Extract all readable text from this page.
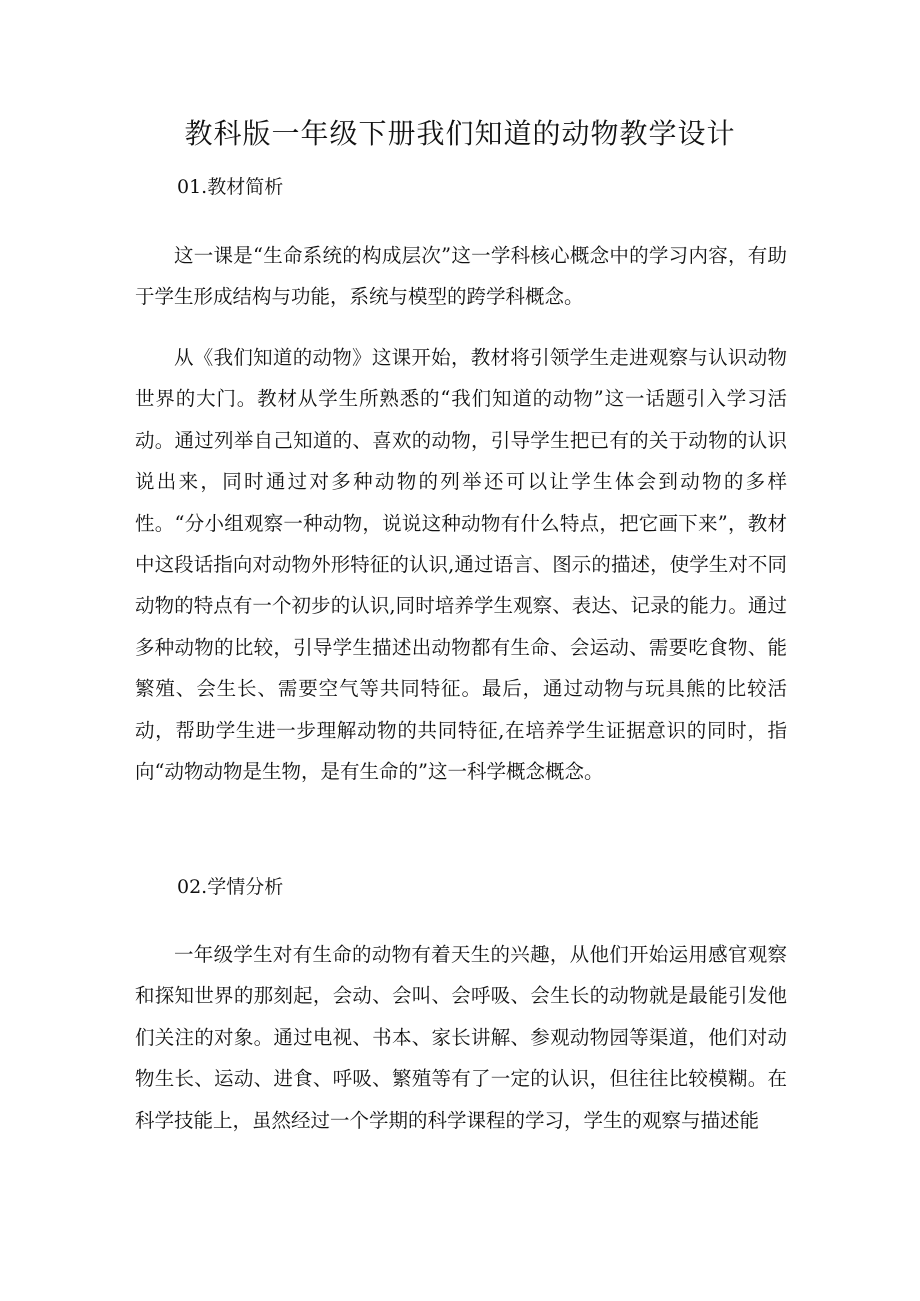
教科版一年级下册我们知道的动物教学设计
01.教材简析

这一课是“生命系统的构成层次”这一学科核心概念中的学习内容，有助于学生形成结构与功能，系统与模型的跨学科概念。

从《我们知道的动物》这课开始，教材将引领学生走进观察与认识动物世界的大门。教材从学生所熟悉的“我们知道的动物”这一话题引入学习活动。通过列举自己知道的、喜欢的动物，引导学生把已有的关于动物的认识说出来，同时通过对多种动物的列举还可以让学生体会到动物的多样性。“分小组观察一种动物，说说这种动物有什么特点，把它画下来”，教材中这段话指向对动物外形特征的认识,通过语言、图示的描述，使学生对不同动物的特点有一个初步的认识,同时培养学生观察、表达、记录的能力。通过多种动物的比较，引导学生描述出动物都有生命、会运动、需要吃食物、能繁殖、会生长、需要空气等共同特征。最后，通过动物与玩具熊的比较活动，帮助学生进一步理解动物的共同特征,在培养学生证据意识的同时，指向“动物动物是生物，是有生命的”这一科学概念概念。

02.学情分析

一年级学生对有生命的动物有着天生的兴趣，从他们开始运用感官观察和探知世界的那刻起，会动、会叫、会呼吸、会生长的动物就是最能引发他们关注的对象。通过电视、书本、家长讲解、参观动物园等渠道，他们对动物生长、运动、进食、呼吸、繁殖等有了一定的认识，但往往比较模糊。在科学技能上，虽然经过一个学期的科学课程的学习，学生的观察与描述能
